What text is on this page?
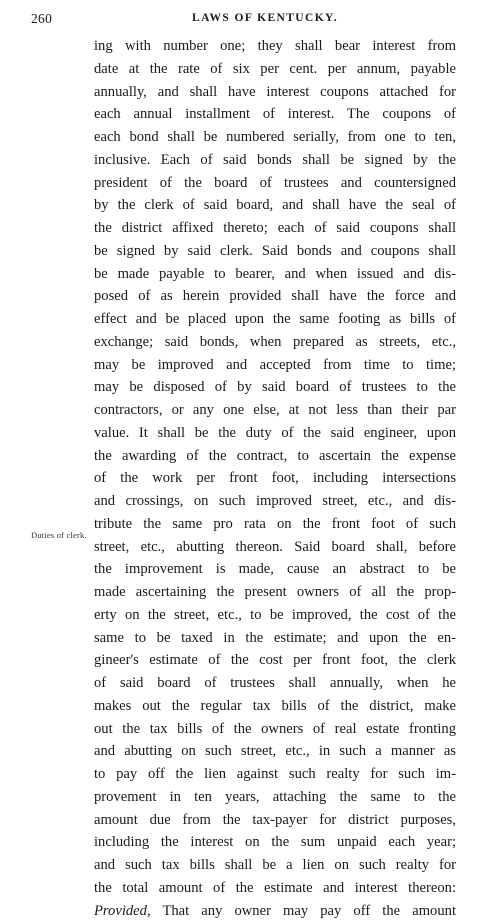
260	LAWS OF KENTUCKY.
Duties of clerk.
ing with number one; they shall bear interest from
date at the rate of six per cent. per annum, payable
annually, and shall have interest coupons attached for
each annual installment of interest. The coupons of
each bond shall be numbered serially, from one to ten,
inclusive. Each of said bonds shall be signed by the
president of the board of trustees and countersigned
by the clerk of said board, and shall have the seal of
the district affixed thereto; each of said coupons shall
be signed by said clerk. Said bonds and coupons shall
be made payable to bearer, and when issued and dis-
posed of as herein provided shall have the force and
effect and be placed upon the same footing as bills of
exchange; said bonds, when prepared as streets, etc.,
may be improved and accepted from time to time;
may be disposed of by said board of trustees to the
contractors, or any one else, at not less than their par
value. It shall be the duty of the said engineer, upon
the awarding of the contract, to ascertain the expense
of the work per front foot, including intersections
and crossings, on such improved street, etc., and dis-
tribute the same pro rata on the front foot of such
street, etc., abutting thereon. Said board shall, before
the improvement is made, cause an abstract to be
made ascertaining the present owners of all the prop-
erty on the street, etc., to be improved, the cost of the
same to be taxed in the estimate; and upon the en-
gineer's estimate of the cost per front foot, the clerk
of said board of trustees shall annually, when he
makes out the regular tax bills of the district, make
out the tax bills of the owners of real estate fronting
and abutting on such street, etc., in such a manner as
to pay off the lien against such realty for such im-
provement in ten years, attaching the same to the
amount due from the tax-payer for district purposes,
including the interest on the sum unpaid each year;
and such tax bills shall be a lien on such realty for
the total amount of the estimate and interest thereon:
Provided, That any owner may pay off the amount
